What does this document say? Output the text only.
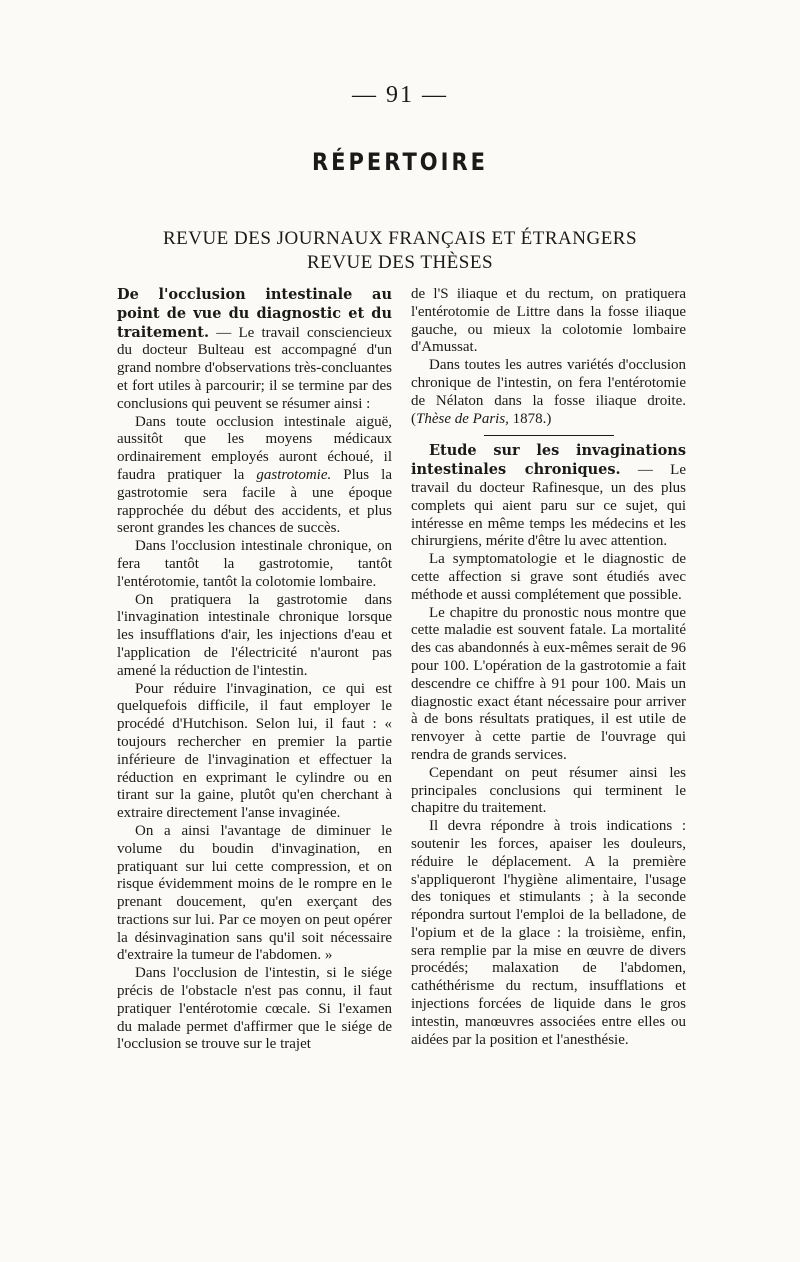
— 91 —
RÉPERTOIRE
REVUE DES JOURNAUX FRANÇAIS ET ÉTRANGERS
REVUE DES THÈSES

De l'occlusion intestinale au point de vue du diagnostic et du traitement. — Le travail consciencieux du docteur Bulteau est accompagné d'un grand nombre d'observations très-concluantes et fort utiles à parcourir; il se termine par des conclusions qui peuvent se résumer ainsi :

Dans toute occlusion intestinale aiguë, aussitôt que les moyens médicaux ordinairement employés auront échoué, il faudra pratiquer la gastrotomie. Plus la gastrotomie sera facile à une époque rapprochée du début des accidents, et plus seront grandes les chances de succès.

Dans l'occlusion intestinale chronique, on fera tantôt la gastrotomie, tantôt l'entérotomie, tantôt la colotomie lombaire.

On pratiquera la gastrotomie dans l'invagination intestinale chronique lorsque les insufflations d'air, les injections d'eau et l'application de l'électricité n'auront pas amené la réduction de l'intestin.

Pour réduire l'invagination, ce qui est quelquefois difficile, il faut employer le procédé d'Hutchison. Selon lui, il faut : « toujours rechercher en premier la partie inférieure de l'invagination et effectuer la réduction en exprimant le cylindre ou en tirant sur la gaine, plutôt qu'en cherchant à extraire directement l'anse invaginée.

On a ainsi l'avantage de diminuer le volume du boudin d'invagination, en pratiquant sur lui cette compression, et on risque évidemment moins de le rompre en le prenant doucement, qu'en exerçant des tractions sur lui. Par ce moyen on peut opérer la désinvagination sans qu'il soit nécessaire d'extraire la tumeur de l'abdomen. »

Dans l'occlusion de l'intestin, si le siége précis de l'obstacle n'est pas connu, il faut pratiquer l'entérotomie cœcale. Si l'examen du malade permet d'affirmer que le siége de l'occlusion se trouve sur le trajet

de l'S iliaque et du rectum, on pratiquera l'entérotomie de Littre dans la fosse iliaque gauche, ou mieux la colotomie lombaire d'Amussat.

Dans toutes les autres variétés d'occlusion chronique de l'intestin, on fera l'entérotomie de Nélaton dans la fosse iliaque droite. (Thèse de Paris, 1878.)

Etude sur les invaginations intestinales chroniques. — Le travail du docteur Rafinesque, un des plus complets qui aient paru sur ce sujet, qui intéresse en même temps les médecins et les chirurgiens, mérite d'être lu avec attention.

La symptomatologie et le diagnostic de cette affection si grave sont étudiés avec méthode et aussi complétement que possible.

Le chapitre du pronostic nous montre que cette maladie est souvent fatale. La mortalité des cas abandonnés à eux-mêmes serait de 96 pour 100. L'opération de la gastrotomie a fait descendre ce chiffre à 91 pour 100. Mais un diagnostic exact étant nécessaire pour arriver à de bons résultats pratiques, il est utile de renvoyer à cette partie de l'ouvrage qui rendra de grands services.

Cependant on peut résumer ainsi les principales conclusions qui terminent le chapitre du traitement.

Il devra répondre à trois indications : soutenir les forces, apaiser les douleurs, réduire le déplacement. A la première s'appliqueront l'hygiène alimentaire, l'usage des toniques et stimulants ; à la seconde répondra surtout l'emploi de la belladone, de l'opium et de la glace : la troisième, enfin, sera remplie par la mise en œuvre de divers procédés; malaxation de l'abdomen, cathéthérisme du rectum, insufflations et injections forcées de liquide dans le gros intestin, manœuvres associées entre elles ou aidées par la position et l'anesthésie.
